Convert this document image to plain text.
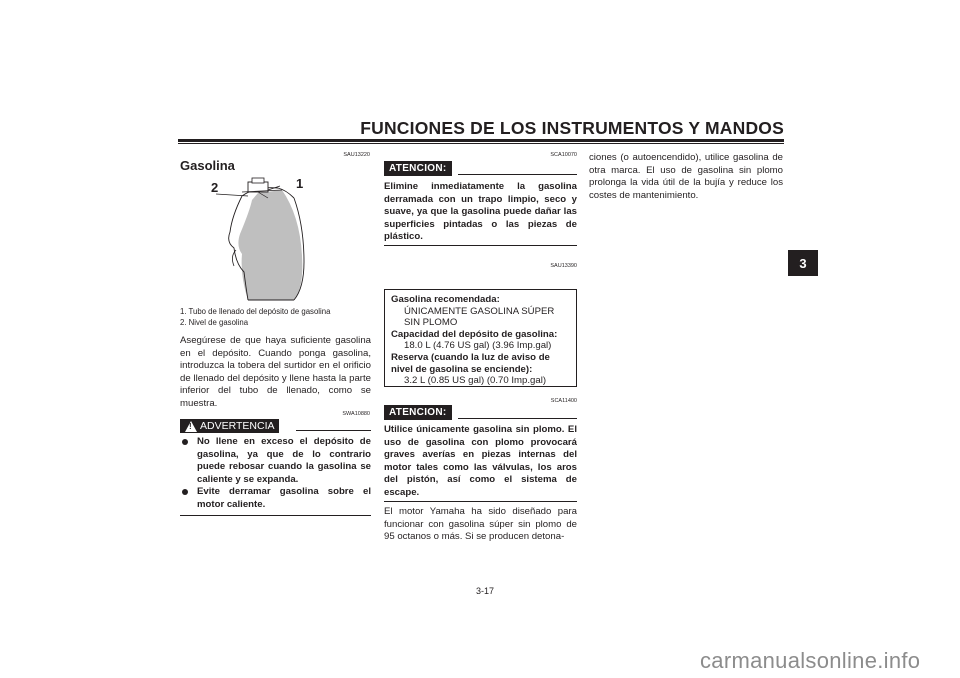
FUNCIONES DE LOS INSTRUMENTOS Y MANDOS
3
SAU13220
Gasolina
2	1
1. Tubo de llenado del depósito de gasolina
2. Nivel de gasolina
Asegúrese de que haya suficiente gasolina en el depósito. Cuando ponga gasolina, introduzca la tobera del surtidor en el orificio de llenado del depósito y llene hasta la parte inferior del tubo de llenado, como se muestra.
SWA10880
! ADVERTENCIA
No llene en exceso el depósito de gasolina, ya que de lo contrario puede rebosar cuando la gasolina se caliente y se expanda.
Evite derramar gasolina sobre el motor caliente.
SCA10070
ATENCION:
Elimine inmediatamente la gasolina derramada con un trapo limpio, seco y suave, ya que la gasolina puede dañar las superficies pintadas o las piezas de plástico.
SAU13390
Gasolina recomendada:
ÚNICAMENTE GASOLINA SÚPER
SIN PLOMO
Capacidad del depósito de gasolina:
18.0 L (4.76 US gal) (3.96 Imp.gal)
Reserva (cuando la luz de aviso de
nivel de gasolina se enciende):
3.2 L (0.85 US gal) (0.70 Imp.gal)
SCA11400
ATENCION:
Utilice únicamente gasolina sin plomo. El uso de gasolina con plomo provocará graves averías en piezas internas del motor tales como las válvulas, los aros del pistón, así como el sistema de escape.
El motor Yamaha ha sido diseñado para funcionar con gasolina súper sin plomo de 95 octanos o más. Si se producen detona-
ciones (o autoencendido), utilice gasolina de otra marca. El uso de gasolina sin plomo prolonga la vida útil de la bujía y reduce los costes de mantenimiento.
3-17
carmanualsonline.info
